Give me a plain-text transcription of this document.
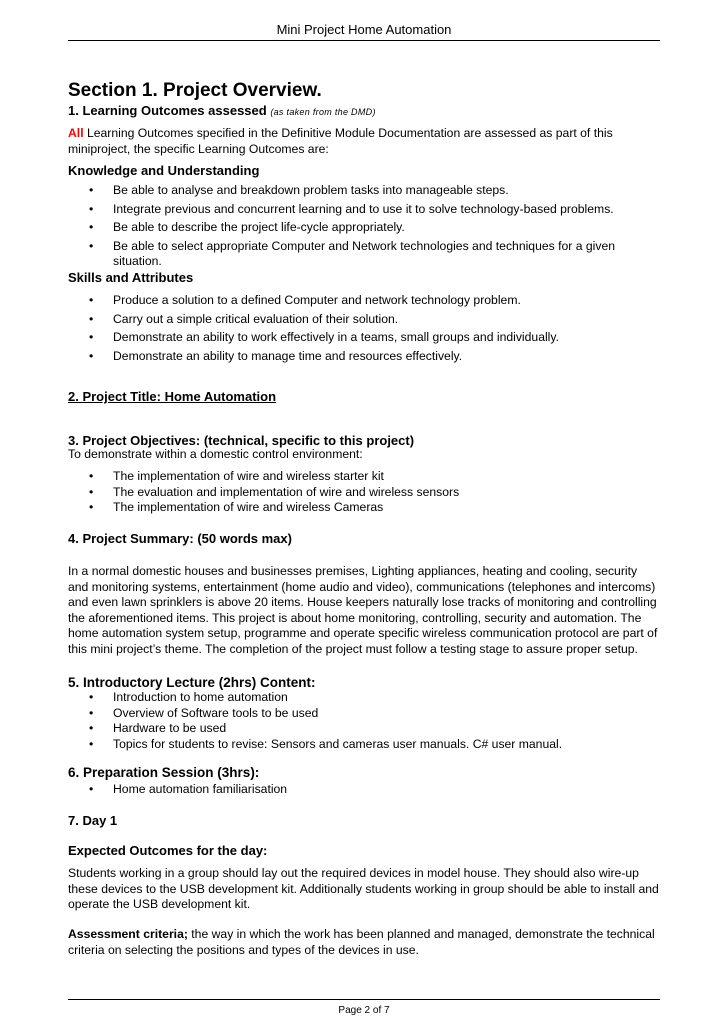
Mini Project Home Automation
Section 1. Project Overview.
1. Learning Outcomes assessed (as taken from the DMD)
All Learning Outcomes specified in the Definitive Module Documentation are assessed as part of this miniproject, the specific Learning Outcomes are:
Knowledge and Understanding
• Be able to analyse and breakdown problem tasks into manageable steps.
• Integrate previous and concurrent learning and to use it to solve technology-based problems.
• Be able to describe the project life-cycle appropriately.
• Be able to select appropriate Computer and Network technologies and techniques for a given situation.
Skills and Attributes
• Produce a solution to a defined Computer and network technology problem.
• Carry out a simple critical evaluation of their solution.
• Demonstrate an ability to work effectively in a teams, small groups and individually.
• Demonstrate an ability to manage time and resources effectively.
2. Project Title: Home Automation
3. Project Objectives: (technical, specific to this project)
To demonstrate within a domestic control environment:
• The implementation of wire and wireless starter kit
• The evaluation and implementation of wire and wireless sensors
• The implementation of wire and wireless Cameras
4. Project Summary: (50 words max)
In a normal domestic houses and businesses premises, Lighting appliances, heating and cooling, security and monitoring systems, entertainment (home audio and video), communications (telephones and intercoms) and even lawn sprinklers is above 20 items. House keepers naturally lose tracks of monitoring and controlling the aforementioned items. This project is about home monitoring, controlling, security and automation. The home automation system setup, programme and operate specific wireless communication protocol are part of this mini project’s theme. The completion of the project must follow a testing stage to assure proper setup.
5. Introductory Lecture (2hrs) Content:
• Introduction to home automation
• Overview of Software tools to be used
• Hardware to be used
• Topics for students to revise: Sensors and cameras user manuals. C# user manual.
6. Preparation Session (3hrs):
• Home automation familiarisation
7. Day 1
Expected Outcomes for the day:
Students working in a group should lay out the required devices in model house. They should also wire-up these devices to the USB development kit. Additionally students working in group should be able to install and operate the USB development kit.
Assessment criteria; the way in which the work has been planned and managed, demonstrate the technical criteria on selecting the positions and types of the devices in use.
Page 2 of 7
